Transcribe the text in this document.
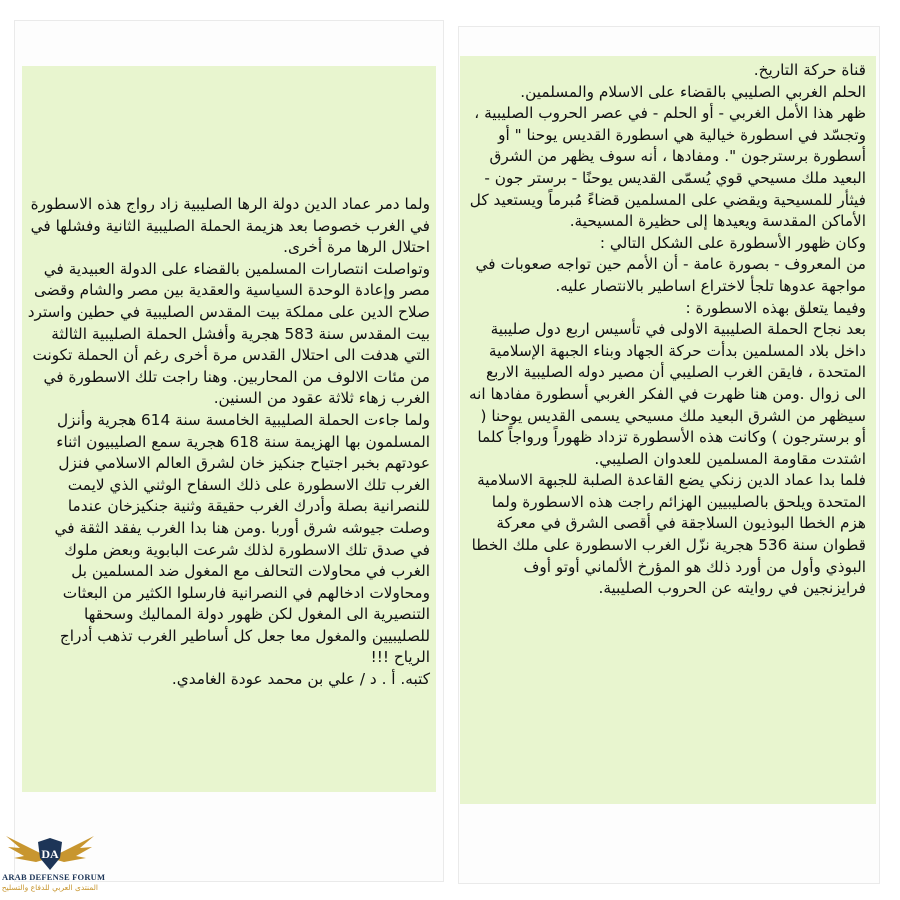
قناة حركة التاريخ.

الحلم الغربي الصليبي بالقضاء على الاسلام والمسلمين.

ظهر هذا الأمل الغربي - أو الحلم - في عصر الحروب الصليبية ، وتجسّد في اسطورة خيالية هي اسطورة القديس يوحنا " أو أسطورة برسترجون ". ومفادها ، أنه سوف يظهر من الشرق البعيد ملك مسيحي قوي يُسمّى القديس يوحنًا - برستر جون - فيثأر للمسيحية ويقضي على المسلمين قضاءً مُبرماً ويستعيد كل الأماكن المقدسة ويعيدها إلى حظيرة المسيحية.

وكان ظهور الأسطورة على الشكل التالي :

من المعروف - بصورة عامة - أن الأمم حين تواجه صعوبات في مواجهة عدوها تلجأ لاختراع اساطير بالانتصار عليه.

وفيما يتعلق بهذه الاسطورة :

بعد نجاح الحملة الصليبية الاولى في تأسيس اربع دول صليبية داخل بلاد المسلمين بدأت حركة الجهاد وبناء الجبهة الإسلامية المتحدة ، فايقن الغرب الصليبي أن مصير دوله الصليبية الاربع الى زوال .ومن هنا ظهرت في الفكر الغربي أسطورة مفادها انه سيظهر من الشرق البعيد ملك مسيحي يسمى القديس يوحنا ( أو برسترجون ) وكانت هذه الأسطورة تزداد ظهوراً ورواجاً كلما اشتدت مقاومة المسلمين للعدوان الصليبي.

فلما بدا عماد الدين زنكي يضع القاعدة الصلبة للجبهة الاسلامية المتحدة ويلحق بالصليبيين الهزائم راجت هذه الاسطورة ولما هزم الخطا البوذيون السلاجقة في أقصى الشرق في معركة قطوان سنة 536 هجرية نزّل الغرب الاسطورة على ملك الخطا البوذي وأول من أورد ذلك هو المؤرخ الألماني أوتو أوف فرايزنجين في روايته عن الحروب الصليبية.

ولما دمر عماد الدين دولة الرها الصليبية زاد رواج هذه الاسطورة في الغرب خصوصا بعد هزيمة الحملة الصليبية الثانية وفشلها في احتلال الرها مرة أخرى.

وتواصلت انتصارات المسلمين بالقضاء على الدولة العبيدية في مصر وإعادة الوحدة السياسية والعقدية بين مصر والشام وقضى صلاح الدين على مملكة بيت المقدس الصليبية في حطين واسترد بيت المقدس سنة 583 هجرية وأفشل الحملة الصليبية الثالثة التي هدفت الى احتلال القدس مرة أخرى رغم أن الحملة تكونت من مئات الالوف من المحاربين. وهنا راجت تلك الاسطورة في الغرب زهاء ثلاثة عقود من السنين.

ولما جاءت الحملة الصليبية الخامسة سنة 614 هجرية وأنزل المسلمون بها الهزيمة سنة 618 هجرية سمع الصليبيون اثناء عودتهم بخبر اجتياح جنكيز خان لشرق العالم الاسلامي فنزل الغرب تلك الاسطورة على ذلك السفاح الوثني الذي لايمت للنصرانية بصلة وأدرك الغرب حقيقة وثنية جنكيزخان عندما وصلت جيوشه شرق أوربا .ومن هنا بدا الغرب يفقد الثقة في

في صدق تلك الاسطورة لذلك شرعت البابوية وبعض ملوك الغرب في محاولات التحالف مع المغول ضد المسلمين بل ومحاولات ادخالهم في النصرانية فارسلوا الكثير من البعثات التنصيرية الى المغول لكن ظهور دولة المماليك وسحقها للصليبيين والمغول معا جعل كل أساطير الغرب تذهب أدراج الرياح !!!

كتبه. أ . د / علي بن محمد عودة الغامدي.

DA
ARAB DEFENSE FORUM
المنتدى العربي للدفاع والتسليح
